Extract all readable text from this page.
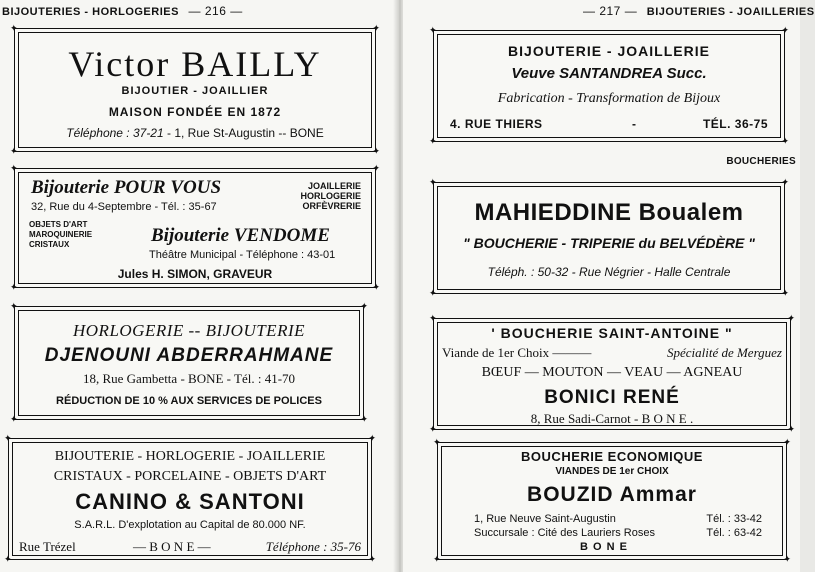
BIJOUTERIES - HORLOGERIES — 216 —
✦	✦
✦	✦
Victor BAILLY
BIJOUTIER - JOAILLIER
MAISON FONDÉE EN 1872
Téléphone : 37-21 - 1, Rue St-Augustin -- BONE
✦	✦
✦	✦
Bijouterie POUR VOUS
32, Rue du 4-Septembre - Tél. : 35-67
JOAILLERIE
HORLOGERIE
ORFÈVRERIE
OBJETS D'ART
MAROQUINERIE
CRISTAUX	Bijouterie VENDOME
Théâtre Municipal - Téléphone : 43-01
Jules H. SIMON, GRAVEUR
✦	✦
✦	✦
HORLOGERIE -- BIJOUTERIE
DJENOUNI ABDERRAHMANE
18, Rue Gambetta - BONE - Tél. : 41-70
RÉDUCTION DE 10 % AUX SERVICES DE POLICES
✦	✦
✦	✦
BIJOUTERIE - HORLOGERIE - JOAILLERIE
CRISTAUX - PORCELAINE - OBJETS D'ART
CANINO & SANTONI
S.A.R.L. D'explotation au Capital de 80.000 NF.
Rue Trézel	— B O N E —	Téléphone : 35-76
— 217 — BIJOUTERIES - JOAILLERIES
✦	✦
✦	✦
BIJOUTERIE - JOAILLERIE
Veuve SANTANDREA Succ.
Fabrication - Transformation de Bijoux
4. RUE THIERS	-	TÉL. 36-75
BOUCHERIES
✦	✦
✦	✦
MAHIEDDINE Boualem
" BOUCHERIE - TRIPERIE du BELVÉDÈRE "
Téléph. : 50-32 - Rue Négrier - Halle Centrale
✦	✦
✦	✦
' BOUCHERIE SAINT-ANTOINE "
Viande de 1er Choix ———	Spécialité de Merguez
BŒUF — MOUTON — VEAU — AGNEAU
BONICI RENÉ
8, Rue Sadi-Carnot - B O N E .
✦	✦
✦	✦
BOUCHERIE ECONOMIQUE
VIANDES DE 1er CHOIX
BOUZID Ammar
1, Rue Neuve Saint-Augustin	Tél. : 33-42
Succursale : Cité des Lauriers Roses	Tél. : 63-42
B O N E
